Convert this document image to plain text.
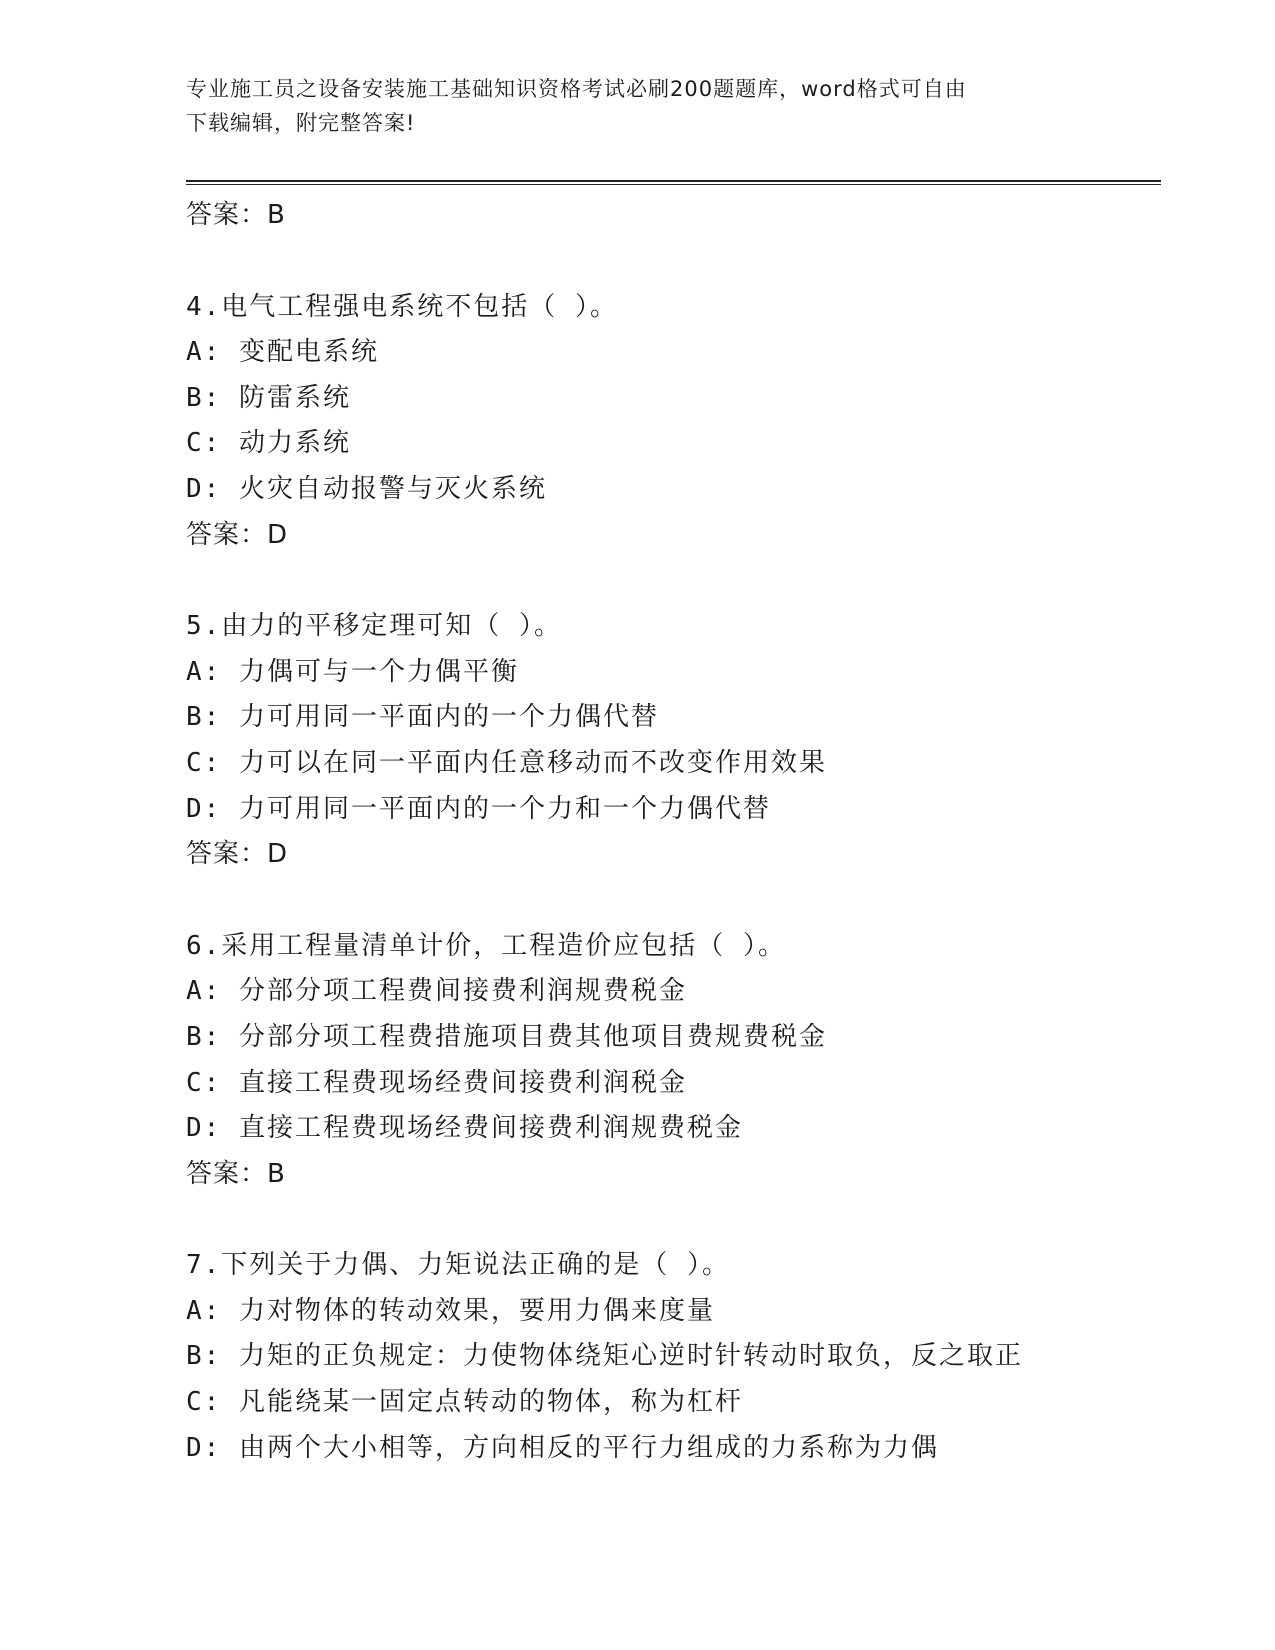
专业施工员之设备安装施工基础知识资格考试必刷200题题库，word格式可自由
下载编辑，附完整答案!
答案：B
4.电气工程强电系统不包括（ ）。
A: 变配电系统
B: 防雷系统
C: 动力系统
D: 火灾自动报警与灭火系统
答案：D
5.由力的平移定理可知（ ）。
A: 力偶可与一个力偶平衡
B: 力可用同一平面内的一个力偶代替
C: 力可以在同一平面内任意移动而不改变作用效果
D: 力可用同一平面内的一个力和一个力偶代替
答案：D
6.采用工程量清单计价，工程造价应包括（ ）。
A: 分部分项工程费间接费利润规费税金
B: 分部分项工程费措施项目费其他项目费规费税金
C: 直接工程费现场经费间接费利润税金
D: 直接工程费现场经费间接费利润规费税金
答案：B
7.下列关于力偶、力矩说法正确的是（ ）。
A: 力对物体的转动效果，要用力偶来度量
B: 力矩的正负规定：力使物体绕矩心逆时针转动时取负，反之取正
C: 凡能绕某一固定点转动的物体，称为杠杆
D: 由两个大小相等，方向相反的平行力组成的力系称为力偶
